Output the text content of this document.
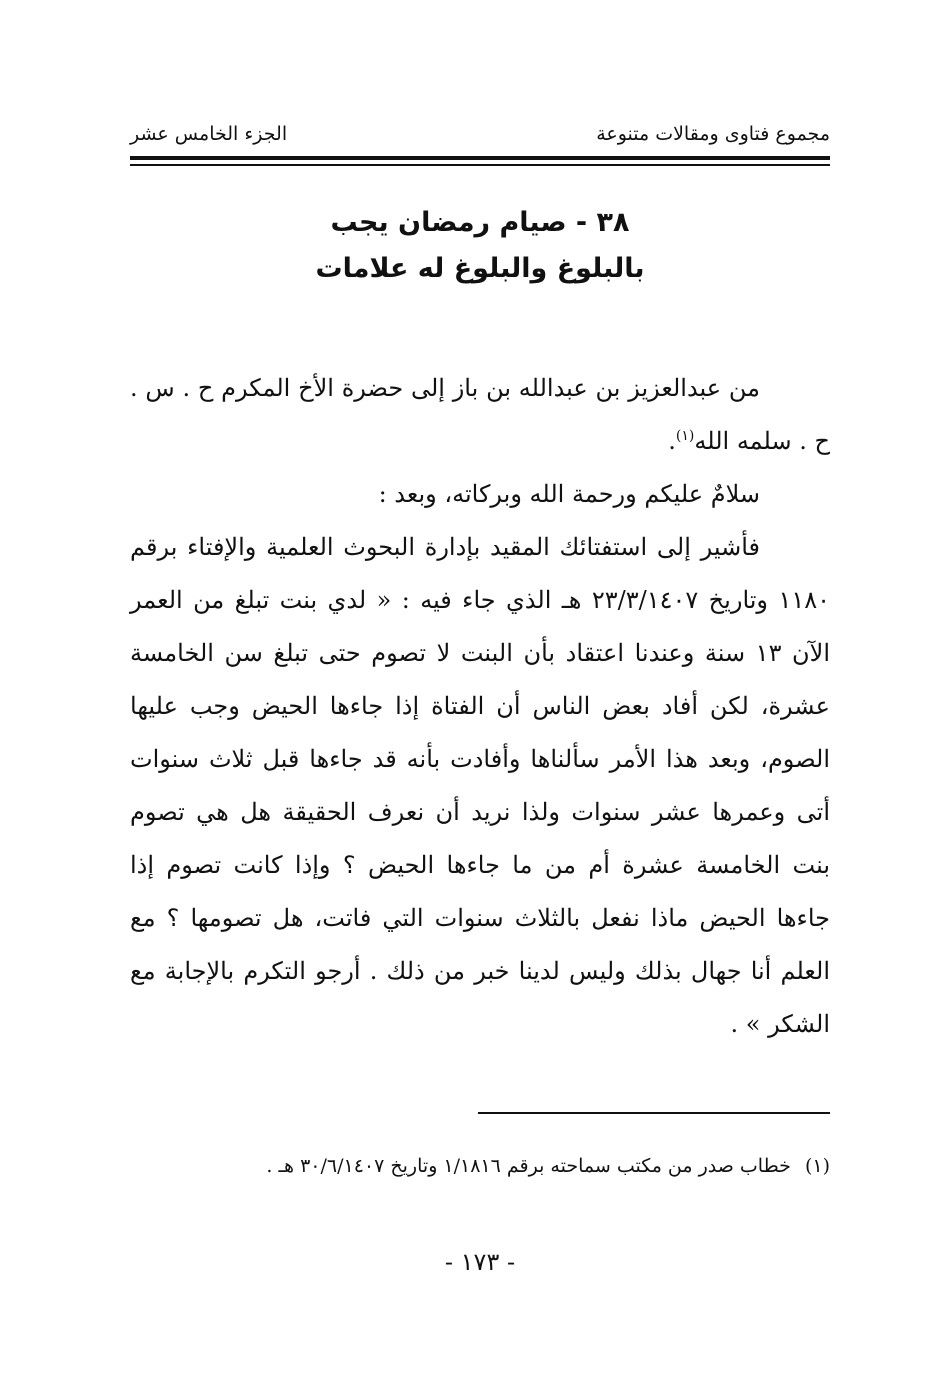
مجموع فتاوى ومقالات متنوعة
الجزء الخامس عشر
٣٨ - صيام رمضان يجب
بالبلوغ والبلوغ له علامات

من عبدالعزيز بن عبدالله بن باز إلى حضرة الأخ المكرم ح . س . ح . سلمه الله$^{(١)}$.

سلامٌ عليكم ورحمة الله وبركاته، وبعد :

فأشير إلى استفتائك المقيد بإدارة البحوث العلمية والإفتاء برقم ١١٨٠ وتاريخ ٢٣/٣/١٤٠٧ هـ الذي جاء فيه : « لدي بنت تبلغ من العمر الآن ١٣ سنة وعندنا اعتقاد بأن البنت لا تصوم حتى تبلغ سن الخامسة عشرة، لكن أفاد بعض الناس أن الفتاة إذا جاءها الحيض وجب عليها الصوم، وبعد هذا الأمر سألناها وأفادت بأنه قد جاءها قبل ثلاث سنوات أتى وعمرها عشر سنوات ولذا نريد أن نعرف الحقيقة هل هي تصوم بنت الخامسة عشرة أم من ما جاءها الحيض ؟ وإذا كانت تصوم إذا جاءها الحيض ماذا نفعل بالثلاث سنوات التي فاتت، هل تصومها ؟ مع العلم أنا جهال بذلك وليس لدينا خبر من ذلك . أرجو التكرم بالإجابة مع الشكر » .

(١)خطاب صدر من مكتب سماحته برقم ١/١٨١٦ وتاريخ ٣٠/٦/١٤٠٧ هـ .
- ١٧٣ -
